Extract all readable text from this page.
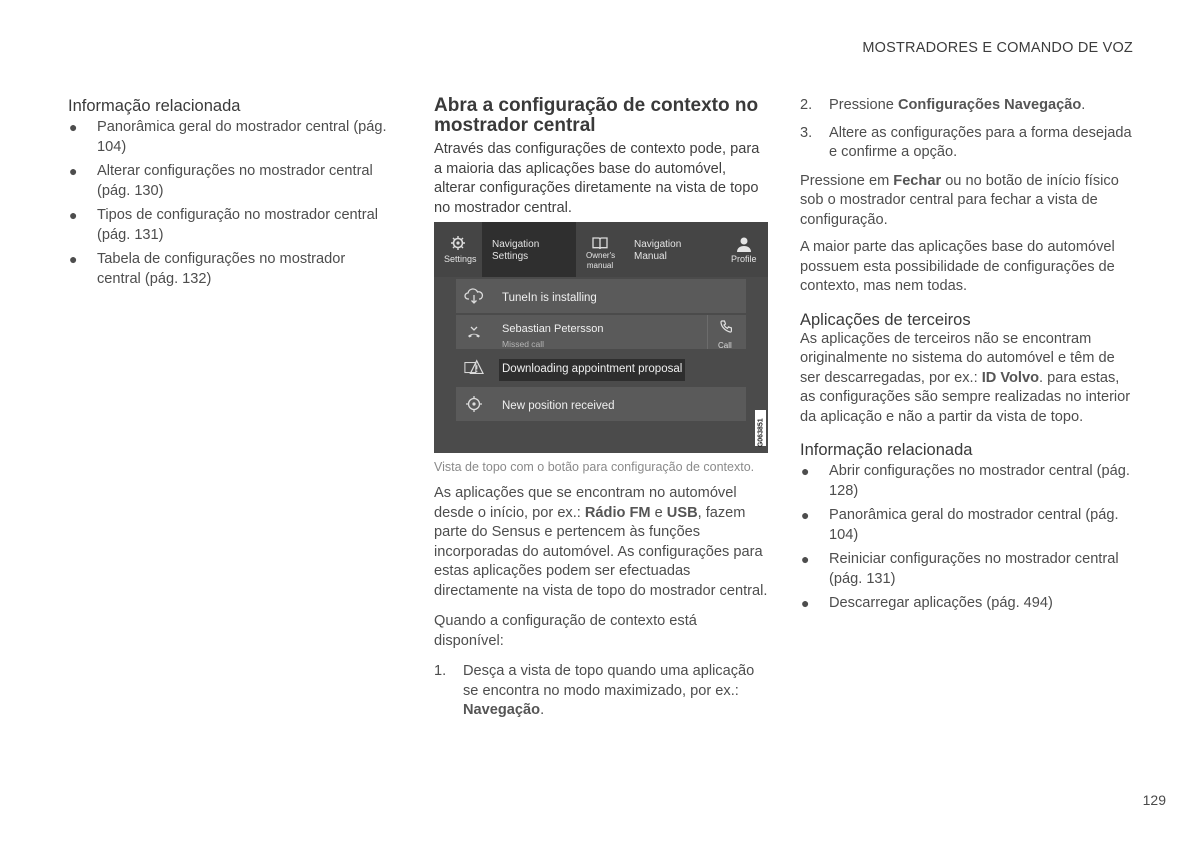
MOSTRADORES E COMANDO DE VOZ
Informação relacionada
● Panorâmica geral do mostrador central (pág. 104)
● Alterar configurações no mostrador central (pág. 130)
● Tipos de configuração no mostrador central (pág. 131)
● Tabela de configurações no mostrador central (pág. 132)
Abra a configuração de contexto no mostrador central

Através das configurações de contexto pode, para a maioria das aplicações base do automóvel, alterar configurações diretamente na vista de topo no mostrador central.

Settings
Navigation
Settings	Owner's
manual
Navigation
Manual	Profile
TuneIn is installing
Sebastian Petersson
Missed call	Call
Downloading appointment proposal
New position received
G063851

Vista de topo com o botão para configuração de contexto.

As aplicações que se encontram no automóvel desde o início, por ex.: Rádio FM e USB, fazem parte do Sensus e pertencem às funções incorporadas do automóvel. As configurações para estas aplicações podem ser efectuadas directamente na vista de topo do mostrador central.

Quando a configuração de contexto está disponível:

1. Desça a vista de topo quando uma aplicação se encontra no modo maximizado, por ex.: Navegação.
2. Pressione Configurações Navegação.
3. Altere as configurações para a forma desejada e confirme a opção.

Pressione em Fechar ou no botão de início físico sob o mostrador central para fechar a vista de configuração.

A maior parte das aplicações base do automóvel possuem esta possibilidade de configurações de contexto, mas nem todas.

Aplicações de terceiros

As aplicações de terceiros não se encontram originalmente no sistema do automóvel e têm de ser descarregadas, por ex.: ID Volvo. para estas, as configurações são sempre realizadas no interior da aplicação e não a partir da vista de topo.

Informação relacionada
● Abrir configurações no mostrador central (pág. 128)
● Panorâmica geral do mostrador central (pág. 104)
● Reiniciar configurações no mostrador central (pág. 131)
● Descarregar aplicações (pág. 494)
129
